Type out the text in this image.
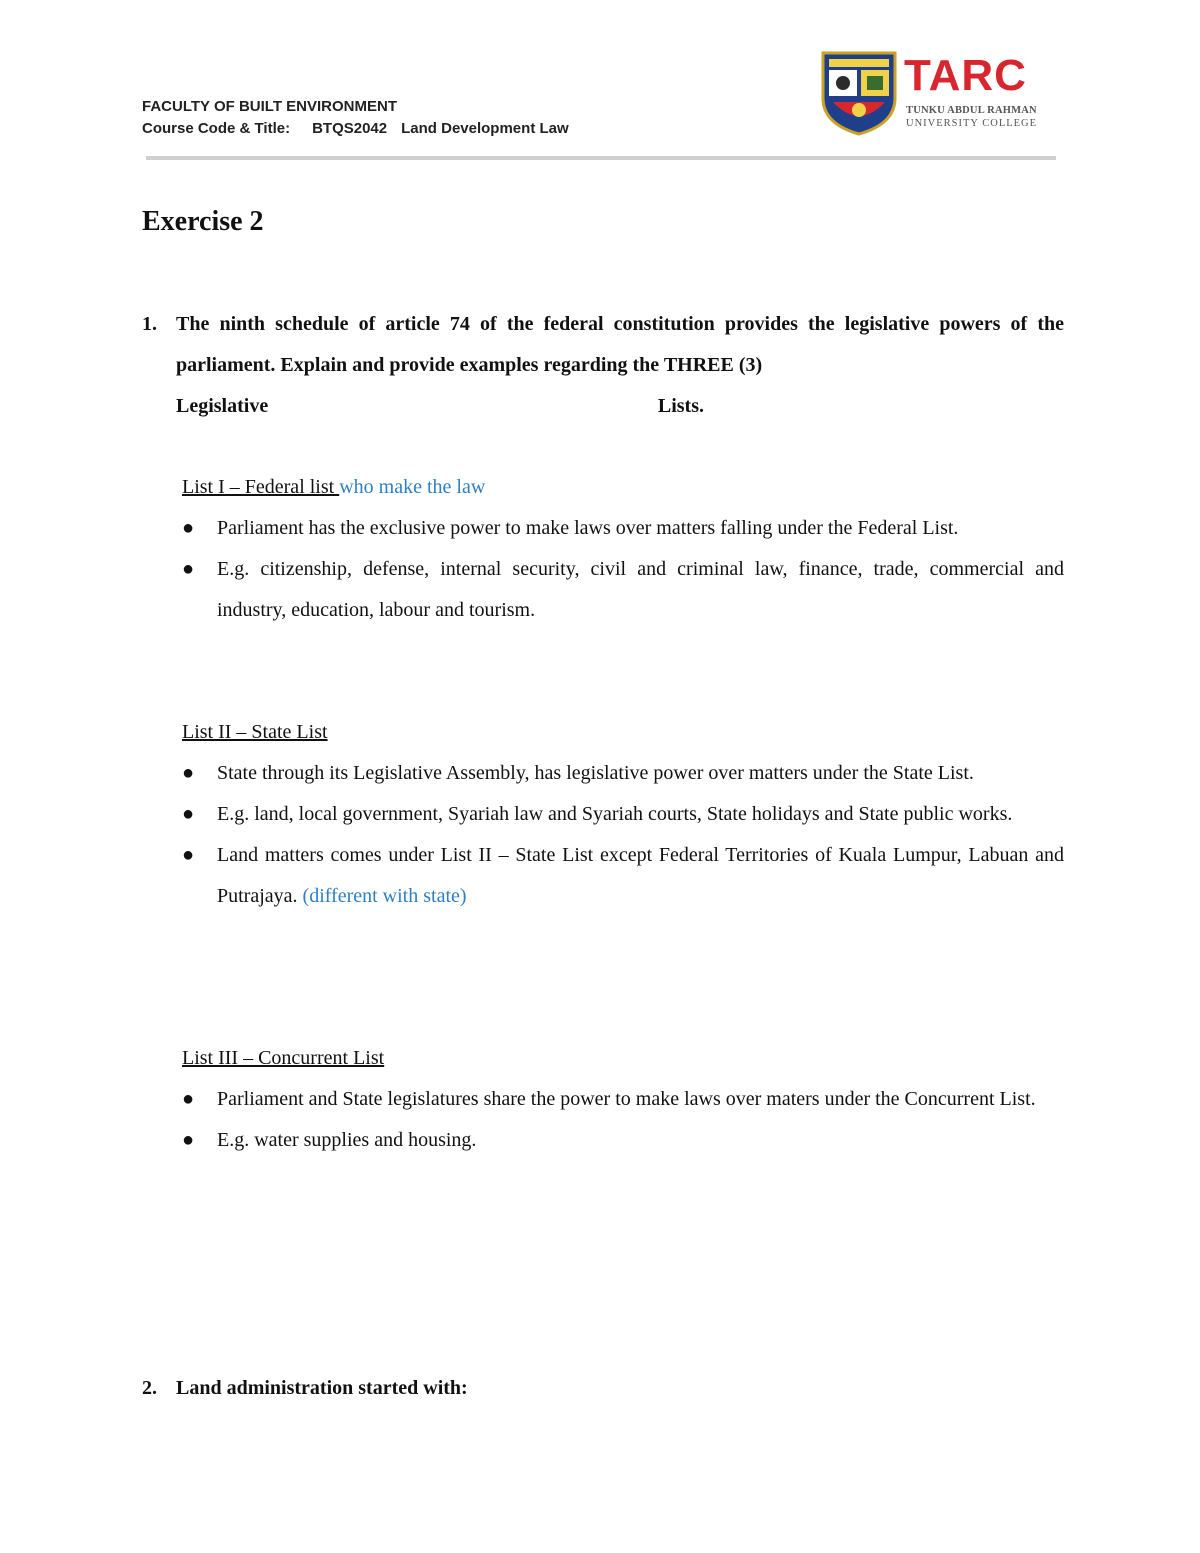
FACULTY OF BUILT ENVIRONMENT
Course Code & Title: BTQS2042 Land Development Law
TARC
TUNKU ABDUL RAHMAN
UNIVERSITY COLLEGE
Exercise 2
1. The ninth schedule of article 74 of the federal constitution provides the legislative powers of the parliament. Explain and provide examples regarding the THREE (3)
Legislative	Lists.
List I – Federal list who make the law
● Parliament has the exclusive power to make laws over matters falling under the Federal List.
● E.g. citizenship, defense, internal security, civil and criminal law, finance, trade, commercial and industry, education, labour and tourism.
List II – State List
● State through its Legislative Assembly, has legislative power over matters under the State List.
● E.g. land, local government, Syariah law and Syariah courts, State holidays and State public works.
● Land matters comes under List II – State List except Federal Territories of Kuala Lumpur, Labuan and Putrajaya. (different with state)
List III – Concurrent List
● Parliament and State legislatures share the power to make laws over maters under the Concurrent List.
● E.g. water supplies and housing.
2. Land administration started with:
